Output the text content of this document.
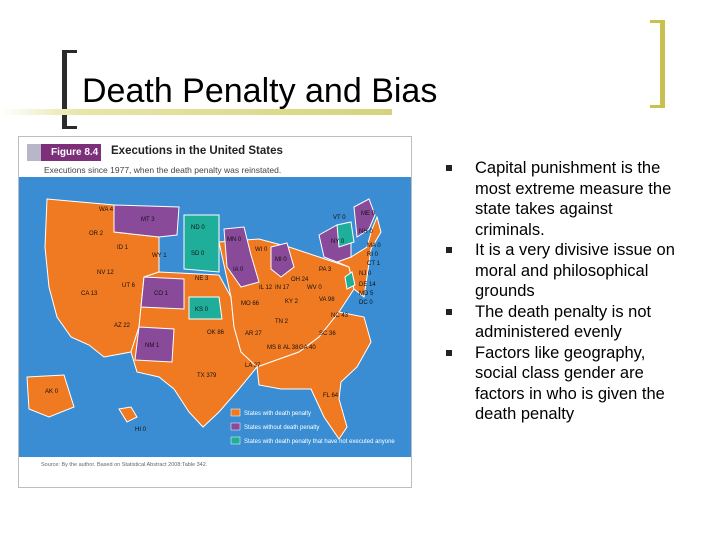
Death Penalty and Bias
Figure 8.4 Executions in the United States
Executions since 1977, when the death penalty was reinstated.
WA 4
OR 2
CA 13
NV 12
ID 1
MT 3
WY 1
UT 6
AZ 22
NM 1
CO 1
ND 0
SD 0
NE 3
KS 0
OK 86
TX 379
MN 0
IA 0
MO 66
AR 27
LA 27
WI 0
IL 12
MI 0
IN 17
OH 24
KY 2
TN 2
MS 8 AL 38 GA 40
FL 64
SC 36
NC 43
VA 98
WV 0
PA 3
NY 0
VT 0
NH 0
ME 0
MA 0
RI 0
CT 1
NJ 0
DE 14
MD 5
DC 0
AK 0
HI 0
States with death penalty
States without death penalty
States with death penalty that have not executed anyone
Source: By the author. Based on Statistical Abstract 2008:Table 342.
Capital punishment is the most extreme measure the state takes against criminals.
It is a very divisive issue on moral and philosophical grounds
The death penalty is not administered evenly
Factors like geography, social class gender are factors in who is given the death penalty
